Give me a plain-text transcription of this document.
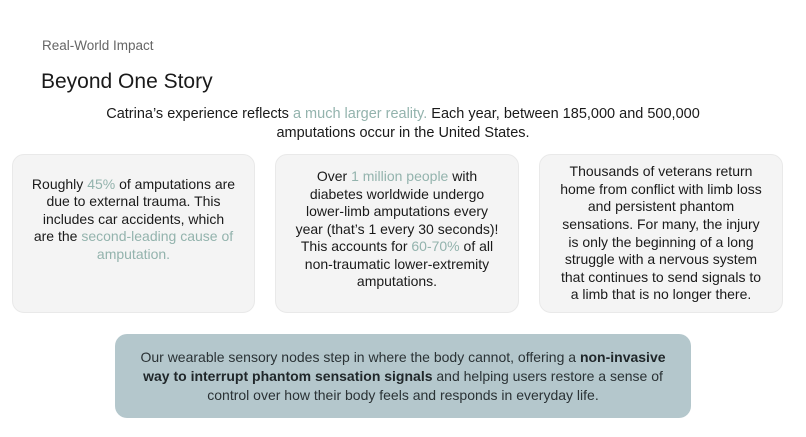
Real-World Impact
Beyond One Story

Catrina’s experience reflects a much larger reality. Each year, between 185,000 and 500,000 amputations occur in the United States.

Roughly 45% of amputations are due to external trauma. This includes car accidents, which are the second-leading cause of amputation.

Over 1 million people with diabetes worldwide undergo lower-limb amputations every year (that’s 1 every 30 seconds)! This accounts for 60-70% of all non-traumatic lower-extremity amputations.

Thousands of veterans return home from conflict with limb loss and persistent phantom sensations. For many, the injury is only the beginning of a long struggle with a nervous system that continues to send signals to a limb that is no longer there.

Our wearable sensory nodes step in where the body cannot, offering a non-invasive way to interrupt phantom sensation signals and helping users restore a sense of control over how their body feels and responds in everyday life.
